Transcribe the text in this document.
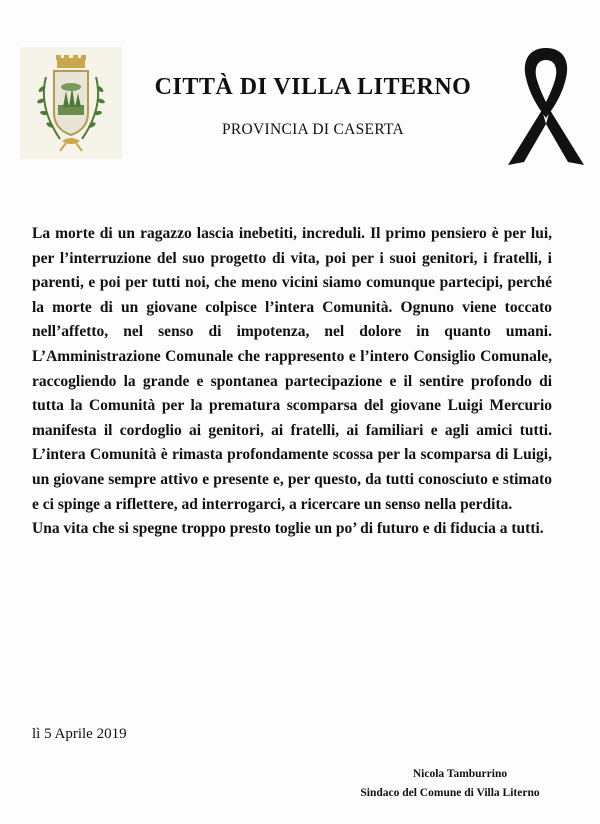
CITTÀ DI VILLA LITERNO
PROVINCIA DI CASERTA

La morte di un ragazzo lascia inebetiti, increduli. Il primo pensiero è per lui, per l’interruzione del suo progetto di vita, poi per i suoi genitori, i fratelli, i parenti, e poi per tutti noi, che meno vicini siamo comunque partecipi, perché la morte di un giovane colpisce l’intera Comunità. Ognuno viene toccato nell’affetto, nel senso di impotenza, nel dolore in quanto umani. L’Amministrazione Comunale che rappresento e l’intero Consiglio Comunale, raccogliendo la grande e spontanea partecipazione e il sentire profondo di tutta la Comunità per la prematura scomparsa del giovane Luigi Mercurio manifesta il cordoglio ai genitori, ai fratelli, ai familiari e agli amici tutti. L’intera Comunità è rimasta profondamente scossa per la scomparsa di Luigi, un giovane sempre attivo e presente e, per questo, da tutti conosciuto e stimato e ci spinge a riflettere, ad interrogarci, a ricercare un senso nella perdita.

Una vita che si spegne troppo presto toglie un po’ di futuro e di fiducia a tutti.

lì 5 Aprile 2019
Nicola Tamburrino
Sindaco del Comune di Villa Literno
